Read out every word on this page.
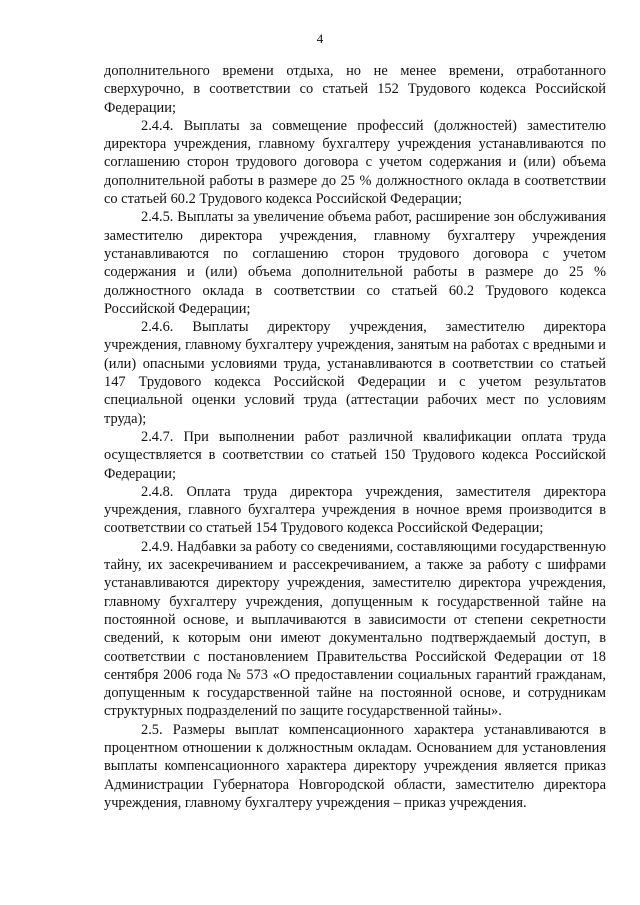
4

дополнительного времени отдыха, но не менее времени, отработанного сверхурочно, в соответствии со статьей 152 Трудового кодекса Российской Федерации;

2.4.4. Выплаты за совмещение профессий (должностей) заместителю директора учреждения, главному бухгалтеру учреждения устанавливаются по соглашению сторон трудового договора с учетом содержания и (или) объема дополнительной работы в размере до 25 % должностного оклада в соответствии со статьей 60.2 Трудового кодекса Российской Федерации;

2.4.5. Выплаты за увеличение объема работ, расширение зон обслуживания заместителю директора учреждения, главному бухгалтеру учреждения устанавливаются по соглашению сторон трудового договора с учетом содержания и (или) объема дополнительной работы в размере до 25 % должностного оклада в соответствии со статьей 60.2 Трудового кодекса Российской Федерации;

2.4.6. Выплаты директору учреждения, заместителю директора учреждения, главному бухгалтеру учреждения, занятым на работах с вредными и (или) опасными условиями труда, устанавливаются в соответствии со статьей 147 Трудового кодекса Российской Федерации и с учетом результатов специальной оценки условий труда (аттестации рабочих мест по условиям труда);

2.4.7. При выполнении работ различной квалификации оплата труда осуществляется в соответствии со статьей 150 Трудового кодекса Российской Федерации;

2.4.8. Оплата труда директора учреждения, заместителя директора учреждения, главного бухгалтера учреждения в ночное время производится в соответствии со статьей 154 Трудового кодекса Российской Федерации;

2.4.9. Надбавки за работу со сведениями, составляющими государственную тайну, их засекречиванием и рассекречиванием, а также за работу с шифрами устанавливаются директору учреждения, заместителю директора учреждения, главному бухгалтеру учреждения, допущенным к государственной тайне на постоянной основе, и выплачиваются в зависимости от степени секретности сведений, к которым они имеют документально подтверждаемый доступ, в соответствии с постановлением Правительства Российской Федерации от 18 сентября 2006 года № 573 «О предоставлении социальных гарантий гражданам, допущенным к государственной тайне на постоянной основе, и сотрудникам структурных подразделений по защите государственной тайны».

2.5. Размеры выплат компенсационного характера устанавливаются в процентном отношении к должностным окладам. Основанием для установления выплаты компенсационного характера директору учреждения является приказ Администрации Губернатора Новгородской области, заместителю директора учреждения, главному бухгалтеру учреждения – приказ учреждения.
